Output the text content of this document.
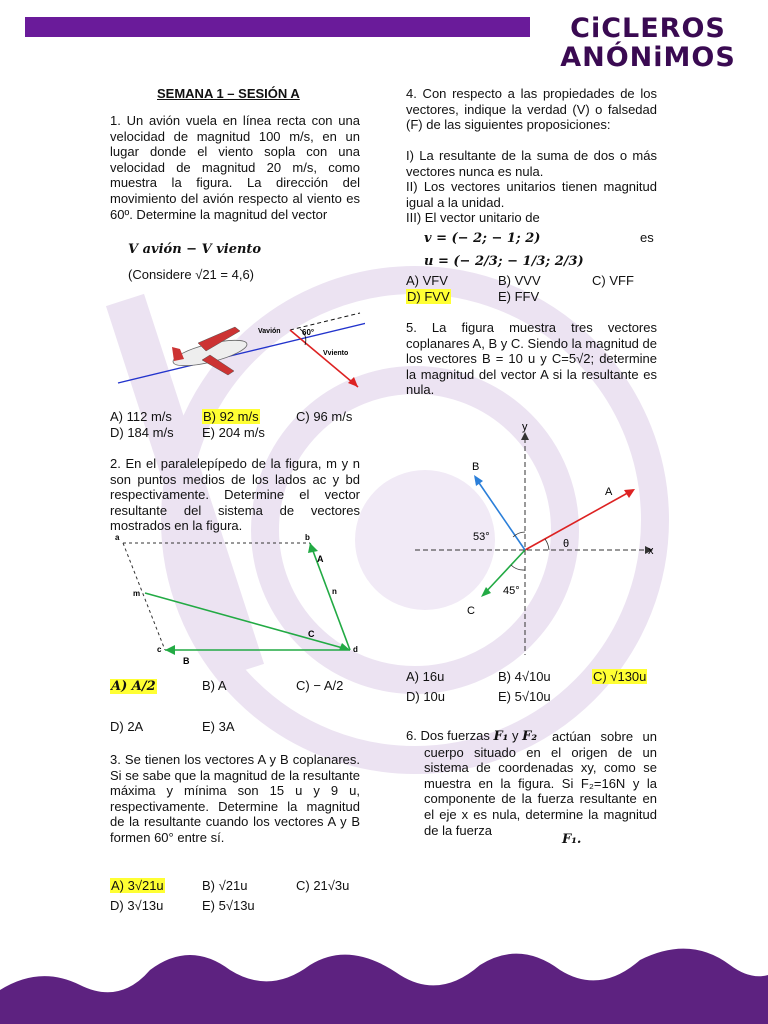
CiCLEROS
ANÓNiMOS
SEMANA 1 – SESIÓN A
1. Un avión vuela en línea recta con una velocidad de magnitud 100 m/s, en un lugar donde el viento sopla con una velocidad de magnitud 20 m/s, como muestra la figura. La dirección del movimiento del avión respecto al viento es 60º. Determine la magnitud del vector
V avión − V viento
(Considere √21 = 4,6)
Vavión	60°
Vviento
A) 112 m/s B) 92 m/s	C) 96 m/s
D) 184 m/s E) 204 m/s
2. En el paralelepípedo de la figura, m y n son puntos medios de los lados ac y bd respectivamente. Determine el vector resultante del sistema de vectores mostrados en la figura.
a	b
m	n
c	d
A
B
C
A) A/2	B) A	C) − A/2
D) 2A	E) 3A
3. Se tienen los vectores A y B coplanares. Si se sabe que la magnitud de la resultante máxima y mínima son 15 u y 9 u, respectivamente. Determine la magnitud de la resultante cuando los vectores A y B formen 60° entre sí.
A) 3√21u	B) √21u	C) 21√3u
D) 3√13u	E) 5√13u
4. Con respecto a las propiedades de los vectores, indique la verdad (V) o falsedad (F) de las siguientes proposiciones:
I) La resultante de la suma de dos o más vectores nunca es nula.
II) Los vectores unitarios tienen magnitud igual a la unidad.
III) El vector unitario de
v = (− 2; − 1; 2)	es
u = (− 2/3; − 1/3; 2/3)
A) VFV	B) VVV	C) VFF
D) FVV	E) FFV
5. La figura muestra tres vectores coplanares A, B y C. Siendo la magnitud de los vectores B = 10 u y C=5√2; determine la magnitud del vector A si la resultante es nula.
y
x
A
B
C
53°
45°
θ
A) 16u	B) 4√10u	C) √130u
D) 10u	E) 5√10u
6. Dos fuerzas F₁ y F₂	actúan sobre un cuerpo situado en el origen de un sistema de coordenadas xy, como se muestra en la figura. Si F₂=16N y la componente de la fuerza resultante en el eje x es nula, determine la magnitud de la fuerza
F₁.
